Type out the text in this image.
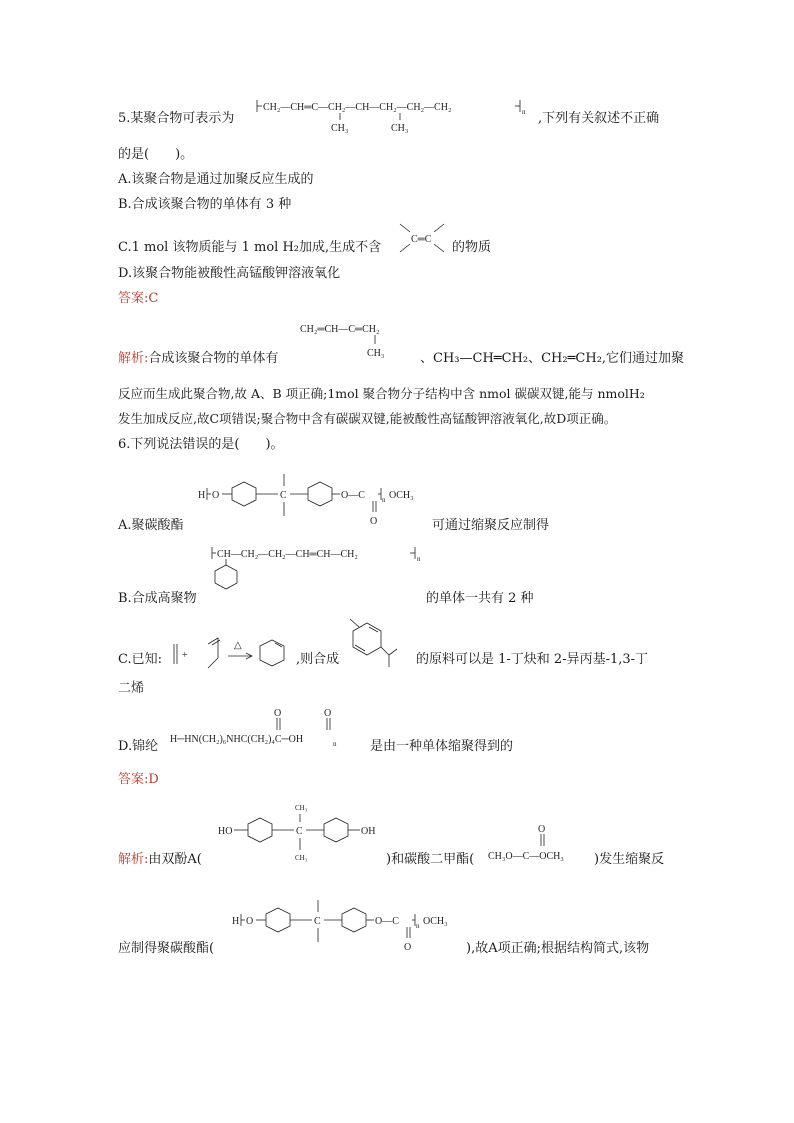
5.某聚合物可表示为
CH₂—CH═C—CH₂—CH—CH₂—CH₂—CH₂	n
CH₃	CH₃
,下列有关叙述不正确
的是(　　)。
A.该聚合物是通过加聚反应生成的
B.合成该聚合物的单体有 3 种
C.1 mol 该物质能与 1 mol H₂加成,生成不含
C═C
的物质
D.该聚合物能被酸性高锰酸钾溶液氧化
答案:C
CH₂═CH—C═CH₂
CH₃
解析:合成该聚合物的单体有	、CH₃—CH═CH₂、CH₂═CH₂,它们通过加聚
反应而生成此聚合物,故 A、B 项正确;1mol 聚合物分子结构中含 nmol 碳碳双键,能与 nmolH₂
发生加成反应,故C项错误;聚合物中含有碳碳双键,能被酸性高锰酸钾溶液氧化,故D项正确。
6.下列说法错误的是(　　)。
H O	C	O—C
O
n OCH₃
A.聚碳酸酯	可通过缩聚反应制得
CH—CH₂—CH₂—CH═CH—CH₂	n
B.合成高聚物	的单体一共有 2 种
C.已知: +
△
,则合成	的原料可以是 1-丁炔和 2-异丙基-1,3-丁
二烯
D.锦纶
O	O
H─HN(CH₂)₆NHC(CH₂)₄C─OH	n	是由一种单体缩聚得到的
答案:D
HO	C
CH₃
CH₃
OH
解析:由双酚A(	)和碳酸二甲酯(
O
CH₃O—C—OCH₃ )发生缩聚反
H O	C	O—C
O
n OCH₃
应制得聚碳酸酯(	),故A项正确;根据结构简式,该物
